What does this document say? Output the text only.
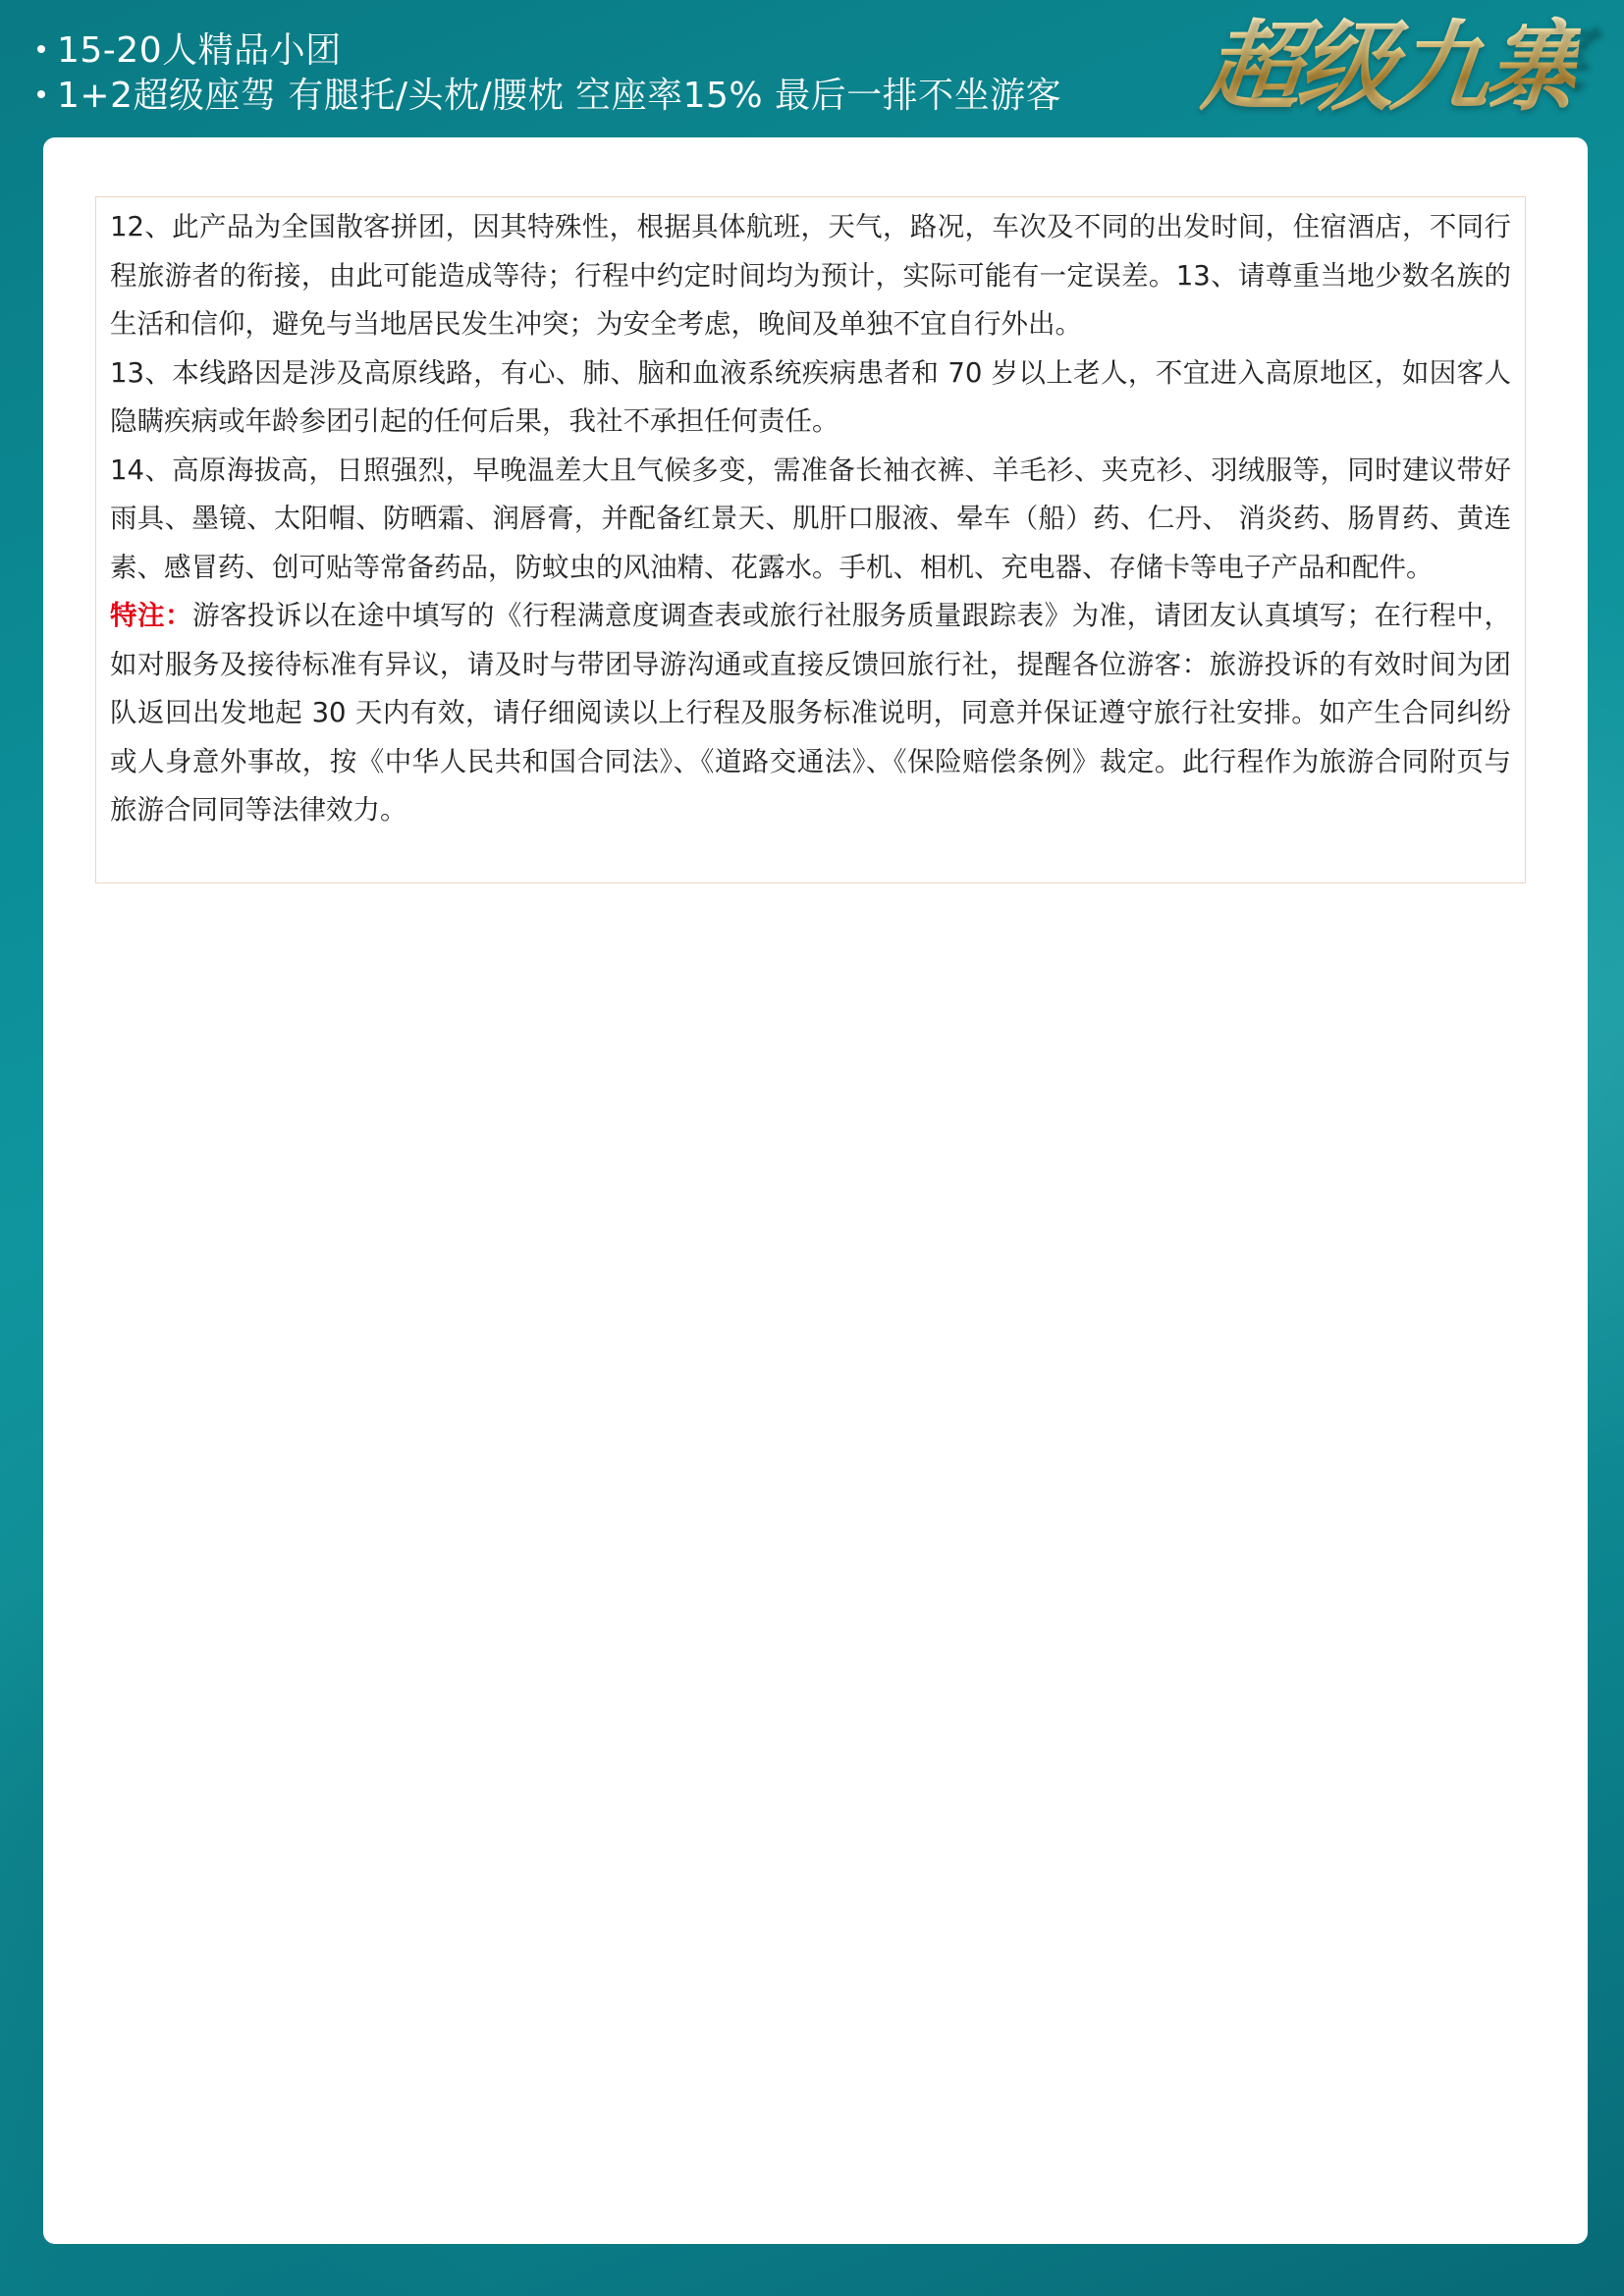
15-20人精品小团
1+2超级座驾 有腿托/头枕/腰枕 空座率15% 最后一排不坐游客 超级九寨

12、此产品为全国散客拼团，因其特殊性，根据具体航班，天气，路况，车次及不同的出发时间，住宿酒店，不同行程旅游者的衔接，由此可能造成等待；行程中约定时间均为预计，实际可能有一定误差。13、请尊重当地少数名族的生活和信仰，避免与当地居民发生冲突；为安全考虑，晚间及单独不宜自行外出。

13、本线路因是涉及高原线路，有心、肺、脑和血液系统疾病患者和 70 岁以上老人，不宜进入高原地区，如因客人隐瞒疾病或年龄参团引起的任何后果，我社不承担任何责任。

14、高原海拔高，日照强烈，早晚温差大且气候多变，需准备长袖衣裤、羊毛衫、夹克衫、羽绒服等，同时建议带好雨具、墨镜、太阳帽、防晒霜、润唇膏，并配备红景天、肌肝口服液、晕车（船）药、仁丹、 消炎药、肠胃药、黄连素、感冒药、创可贴等常备药品，防蚊虫的风油精、花露水。手机、相机、充电器、存储卡等电子产品和配件。

特注：游客投诉以在途中填写的《行程满意度调查表或旅行社服务质量跟踪表》为准，请团友认真填写；在行程中，如对服务及接待标准有异议，请及时与带团导游沟通或直接反馈回旅行社，提醒各位游客：旅游投诉的有效时间为团队返回出发地起 30 天内有效，请仔细阅读以上行程及服务标准说明，同意并保证遵守旅行社安排。如产生合同纠纷或人身意外事故，按《中华人民共和国合同法》、《道路交通法》、《保险赔偿条例》裁定。此行程作为旅游合同附页与旅游合同同等法律效力。
